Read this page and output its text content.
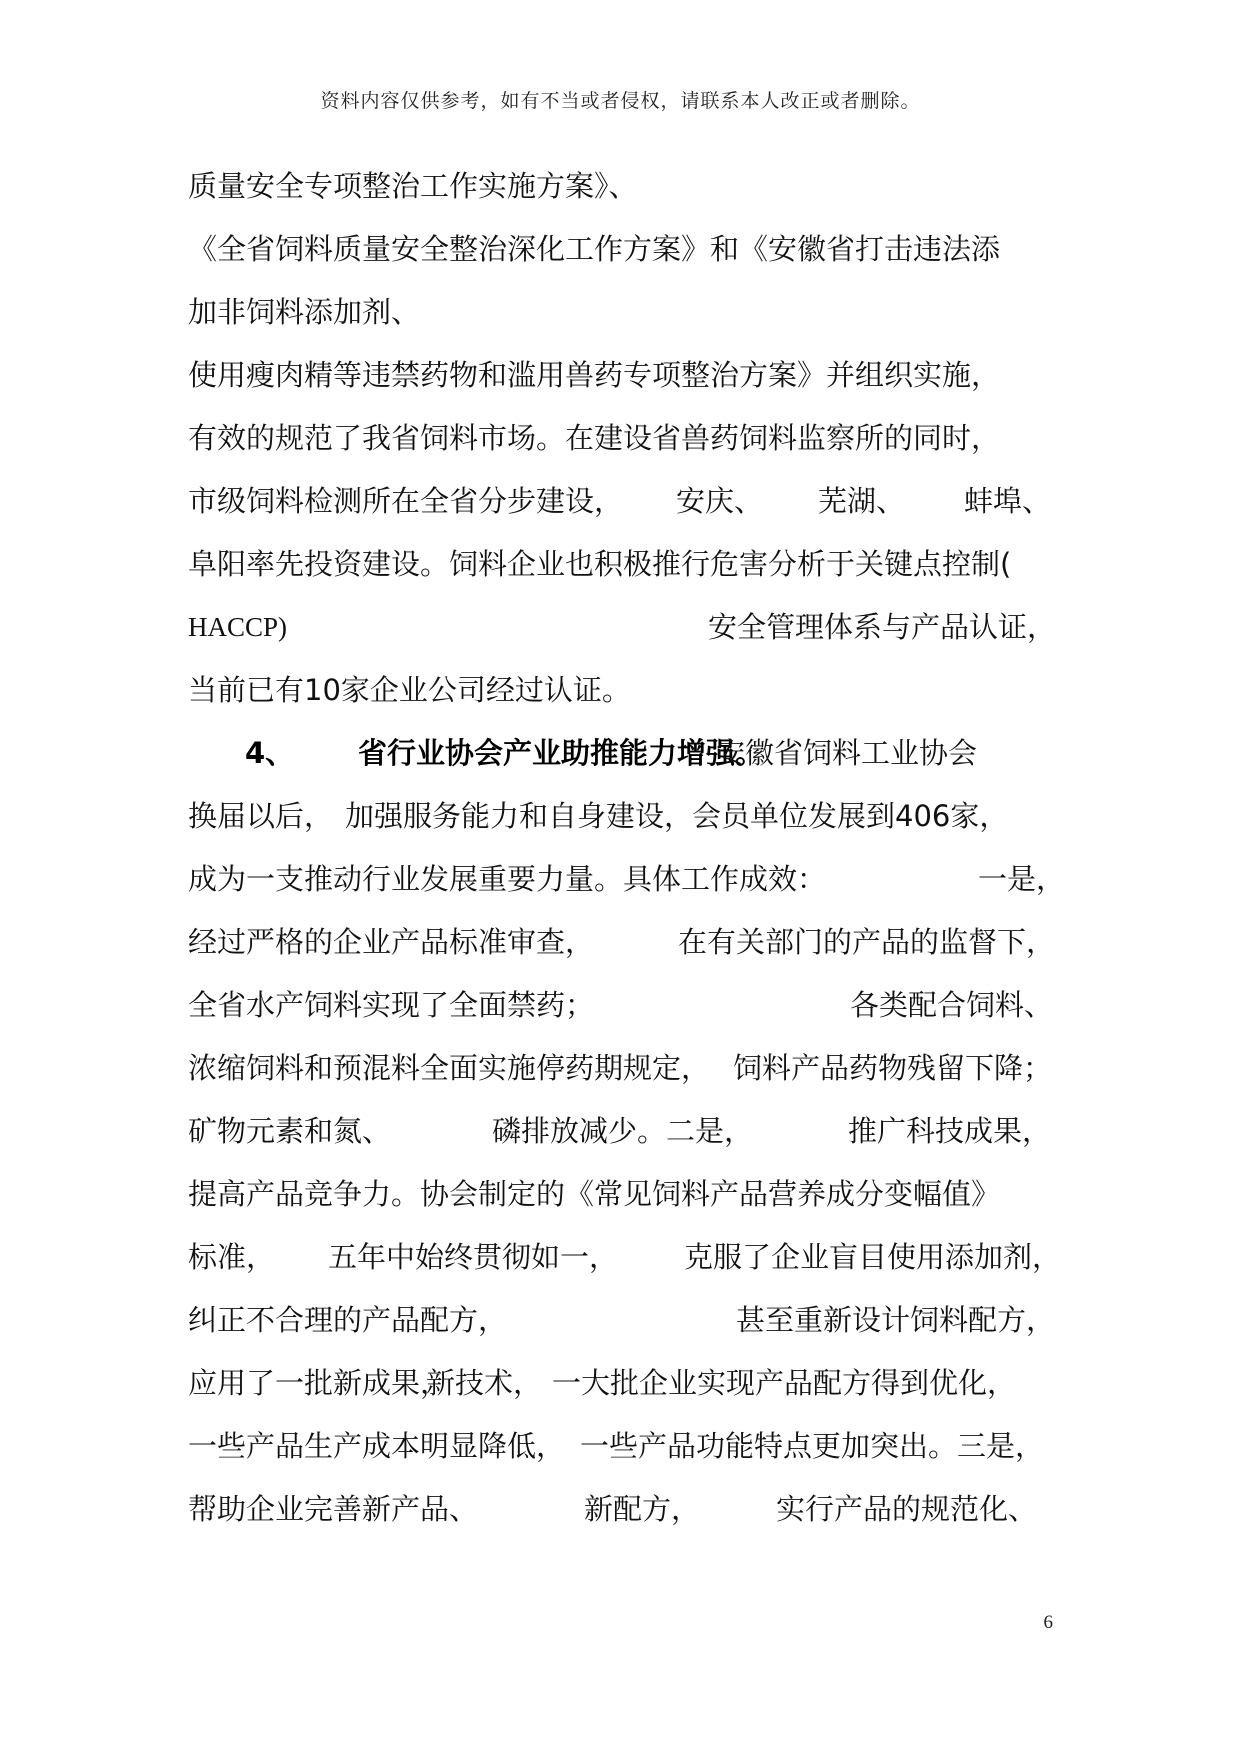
资料内容仅供参考，如有不当或者侵权，请联系本人改正或者删除。
质量安全专项整治工作实施方案》、
《全省饲料质量安全整治深化工作方案》和《安徽省打击违法添
加非饲料添加剂、
使用瘦肉精等违禁药物和滥用兽药专项整治方案》并组织实施，
有效的规范了我省饲料市场。在建设省兽药饲料监察所的同时，
市级饲料检测所在全省分步建设， 安庆、 芜湖、 蚌埠、
阜阳率先投资建设。饲料企业也积极推行危害分析于关键点控制(
HACCP)	安全管理体系与产品认证，
当前已有10家企业公司经过认证。
4、 省行业协会产业助推能力增强。
安徽省饲料工业协会
换届以后， 加强服务能力和自身建设，
会员单位发展到406家，
成为一支推动行业发展重要力量。具体工作成效：	一是，
经过严格的企业产品标准审查，	在有关部门的产品的监督下，
全省水产饲料实现了全面禁药；	各类配合饲料、
浓缩饲料和预混料全面实施停药期规定， 饲料产品药物残留下降；
矿物元素和氮、	磷排放减少。二是，	推广科技成果，
提高产品竞争力。协会制定的《常见饲料产品营养成分变幅值》
标准， 五年中始终贯彻如一， 克服了企业盲目使用添加剂，
纠正不合理的产品配方，	甚至重新设计饲料配方，
应用了一批新成果，
新技术， 一大批企业实现产品配方得到优化，
一些产品生产成本明显降低， 一些产品功能特点更加突出。三是，
帮助企业完善新产品、	新配方，	实行产品的规范化、
6
